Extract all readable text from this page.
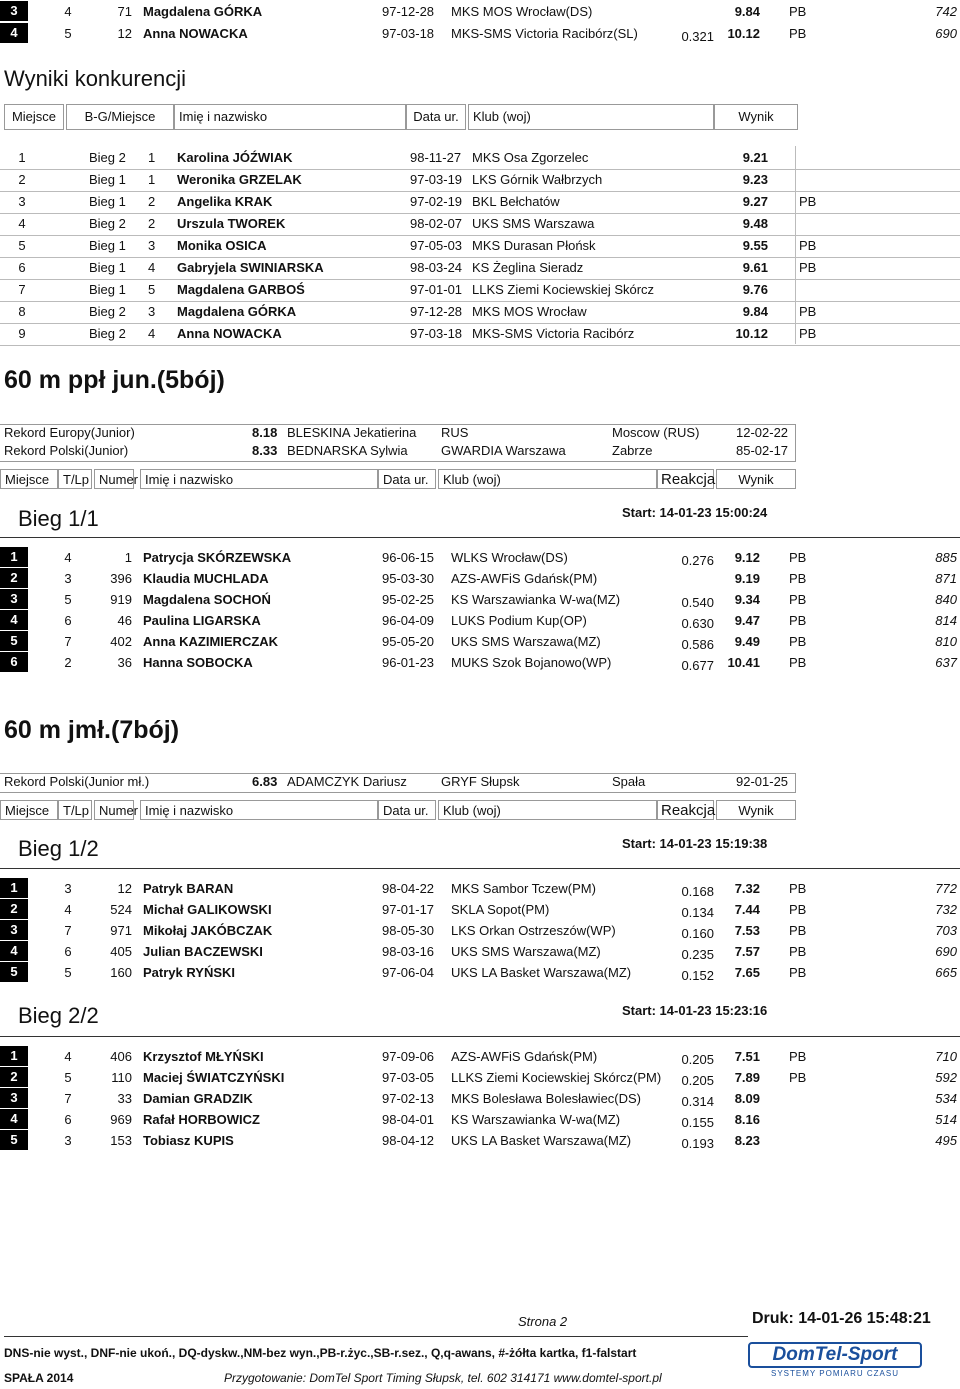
3	4	71 Magdalena GÓRKA	97-12-28 MKS MOS Wrocław(DS)	9.84 PB	742
4	5	12 Anna NOWACKA	97-03-18 MKS-SMS Victoria Racibórz(SL)	0.321	10.12 PB	690
Wyniki konkurencji
Miejsce	B-G/Miejsce	Imię i nazwisko	Data ur.	Klub (woj)	Wynik
1	Bieg 2 1 Karolina JÓŹWIAK	98-11-27 MKS Osa Zgorzelec	9.21
2	Bieg 1 1 Weronika GRZELAK	97-03-19 LKS Górnik Wałbrzych	9.23
3	Bieg 1 2 Angelika KRAK	97-02-19 BKL Bełchatów	9.27 PB
4	Bieg 2 2 Urszula TWOREK	98-02-07 UKS SMS Warszawa	9.48
5	Bieg 1 3 Monika OSICA	97-05-03 MKS Durasan Płońsk	9.55 PB
6	Bieg 1 4 Gabryjela SWINIARSKA	98-03-24 KS Żeglina Sieradz	9.61 PB
7	Bieg 1 5 Magdalena GARBOŚ	97-01-01 LLKS Ziemi Kociewskiej Skórcz	9.76
8	Bieg 2 3 Magdalena GÓRKA	97-12-28 MKS MOS Wrocław	9.84 PB
9	Bieg 2 4 Anna NOWACKA	97-03-18 MKS-SMS Victoria Racibórz	10.12 PB
60 m ppł jun.(5bój)
Rekord Europy(Junior)	8.18 BLESKINA Jekatierina RUS	Moscow (RUS)	12-02-22
Rekord Polski(Junior)	8.33 BEDNARSKA Sylwia	GWARDIA Warszawa	Zabrze	85-02-17
Miejsce	T/Lp Numer Imię i nazwisko	Data ur.	Klub (woj)	Reakcja	Wynik
Bieg 1/1	Start: 14-01-23 15:00:24
1	4	1 Patrycja SKÓRZEWSKA	96-06-15 WLKS Wrocław(DS)	0.276	9.12 PB	885
2	3	396 Klaudia MUCHLADA	95-03-30 AZS-AWFiS Gdańsk(PM)	9.19 PB	871
3	5	919 Magdalena SOCHOŃ	95-02-25 KS Warszawianka W-wa(MZ)	0.540	9.34 PB	840
4	6	46 Paulina LIGARSKA	96-04-09 LUKS Podium Kup(OP)	0.630	9.47 PB	814
5	7	402 Anna KAZIMIERCZAK	95-05-20 UKS SMS Warszawa(MZ)	0.586	9.49 PB	810
6	2	36 Hanna SOBOCKA	96-01-23 MUKS Szok Bojanowo(WP)	0.677	10.41 PB	637
60 m jmł.(7bój)
Rekord Polski(Junior mł.)	6.83 ADAMCZYK Dariusz	GRYF Słupsk	Spała	92-01-25
Miejsce	T/Lp Numer Imię i nazwisko	Data ur.	Klub (woj)	Reakcja	Wynik
Bieg 1/2	Start: 14-01-23 15:19:38
1	3	12 Patryk BARAN	98-04-22 MKS Sambor Tczew(PM)	0.168	7.32 PB	772
2	4	524 Michał GALIKOWSKI	97-01-17 SKLA Sopot(PM)	0.134	7.44 PB	732
3	7	971 Mikołaj JAKÓBCZAK	98-05-30 LKS Orkan Ostrzeszów(WP)	0.160	7.53 PB	703
4	6	405 Julian BACZEWSKI	98-03-16 UKS SMS Warszawa(MZ)	0.235	7.57 PB	690
5	5	160 Patryk RYŃSKI	97-06-04 UKS LA Basket Warszawa(MZ)	0.152	7.65 PB	665
Bieg 2/2	Start: 14-01-23 15:23:16
1	4	406 Krzysztof MŁYŃSKI	97-09-06 AZS-AWFiS Gdańsk(PM)	0.205	7.51 PB	710
2	5	110 Maciej ŚWIATCZYŃSKI	97-03-05 LLKS Ziemi Kociewskiej Skórcz(PM) 0.205	7.89 PB	592
3	7	33 Damian GRADZIK	97-02-13 MKS Bolesława Bolesławiec(DS)	0.314	8.09	534
4	6	969 Rafał HORBOWICZ	98-04-01 KS Warszawianka W-wa(MZ)	0.155	8.16	514
5	3	153 Tobiasz KUPIS	98-04-12 UKS LA Basket Warszawa(MZ)	0.193	8.23	495
Strona 2	Druk: 14-01-26 15:48:21
DNS-nie wyst., DNF-nie ukoń., DQ-dyskw.,NM-bez wyn.,PB-r.życ.,SB-r.sez., Q,q-awans, #-żółta kartka, f1-falstart
SPAŁA 2014	Przygotowanie: DomTel Sport Timing Słupsk, tel. 602 314171 www.domtel-sport.pl
DomTel-Sport
SYSTEMY POMIARU CZASU
